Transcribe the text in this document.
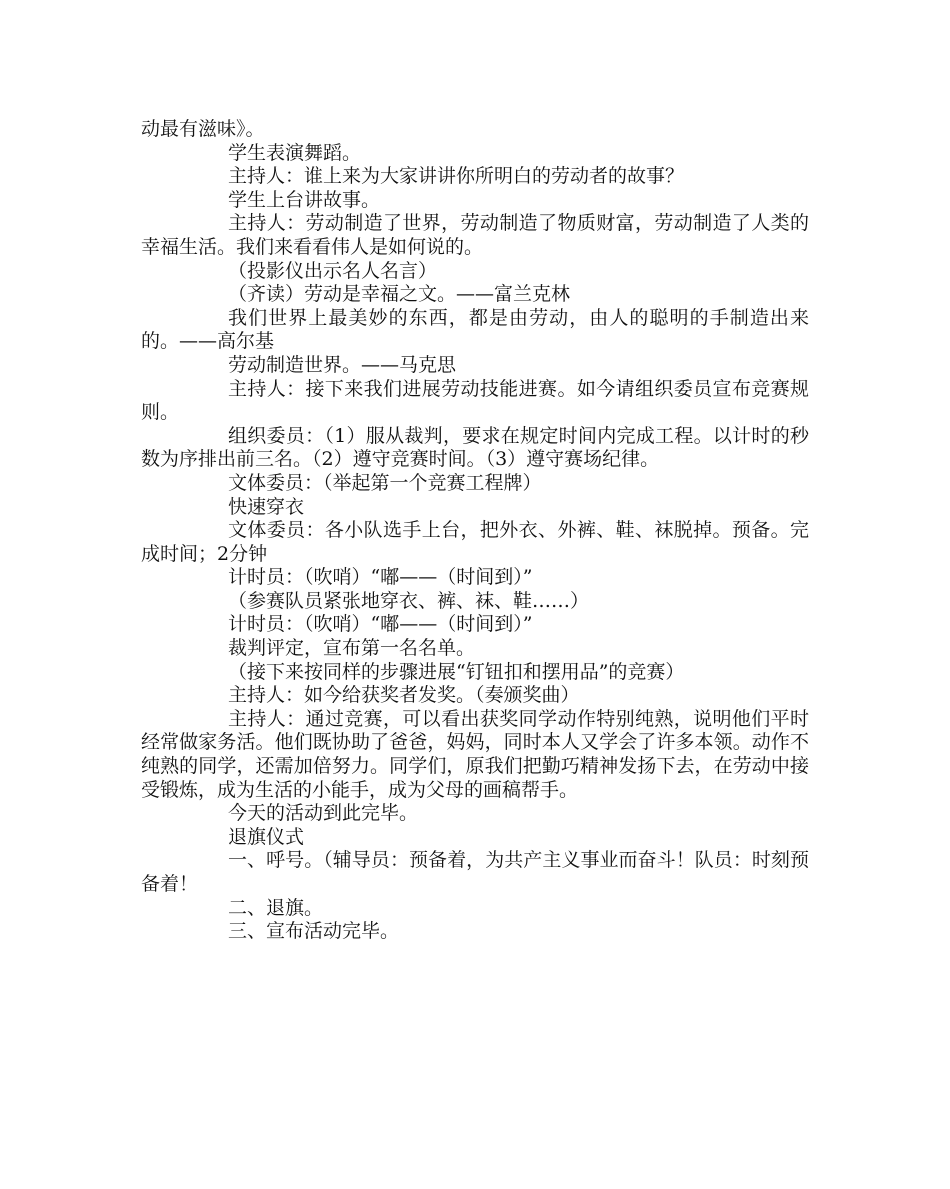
动最有滋味》。

学生表演舞蹈。

主持人：谁上来为大家讲讲你所明白的劳动者的故事？

学生上台讲故事。

主持人：劳动制造了世界，劳动制造了物质财富，劳动制造了人类的幸福生活。我们来看看伟人是如何说的。

（投影仪出示名人名言）

（齐读）劳动是幸福之文。——富兰克林

我们世界上最美妙的东西，都是由劳动，由人的聪明的手制造出来的。——高尔基

劳动制造世界。——马克思

主持人：接下来我们进展劳动技能进赛。如今请组织委员宣布竞赛规则。

组织委员：（1）服从裁判，要求在规定时间内完成工程。以计时的秒数为序排出前三名。（2）遵守竞赛时间。（3）遵守赛场纪律。

文体委员：（举起第一个竞赛工程牌）

快速穿衣

文体委员：各小队选手上台，把外衣、外裤、鞋、袜脱掉。预备。完成时间；2分钟

计时员：（吹哨）“嘟——（时间到）”

（参赛队员紧张地穿衣、裤、袜、鞋……）

计时员：（吹哨）“嘟——（时间到）”

裁判评定，宣布第一名名单。

（接下来按同样的步骤进展“钉钮扣和摆用品”的竞赛）

主持人：如今给获奖者发奖。（奏颁奖曲）

主持人：通过竞赛，可以看出获奖同学动作特别纯熟，说明他们平时经常做家务活。他们既协助了爸爸，妈妈，同时本人又学会了许多本领。动作不纯熟的同学，还需加倍努力。同学们，原我们把勤巧精神发扬下去，在劳动中接受锻炼，成为生活的小能手，成为父母的画稿帮手。

今天的活动到此完毕。

退旗仪式

一、呼号。（辅导员：预备着，为共产主义事业而奋斗！队员：时刻预备着！

二、退旗。

三、宣布活动完毕。
